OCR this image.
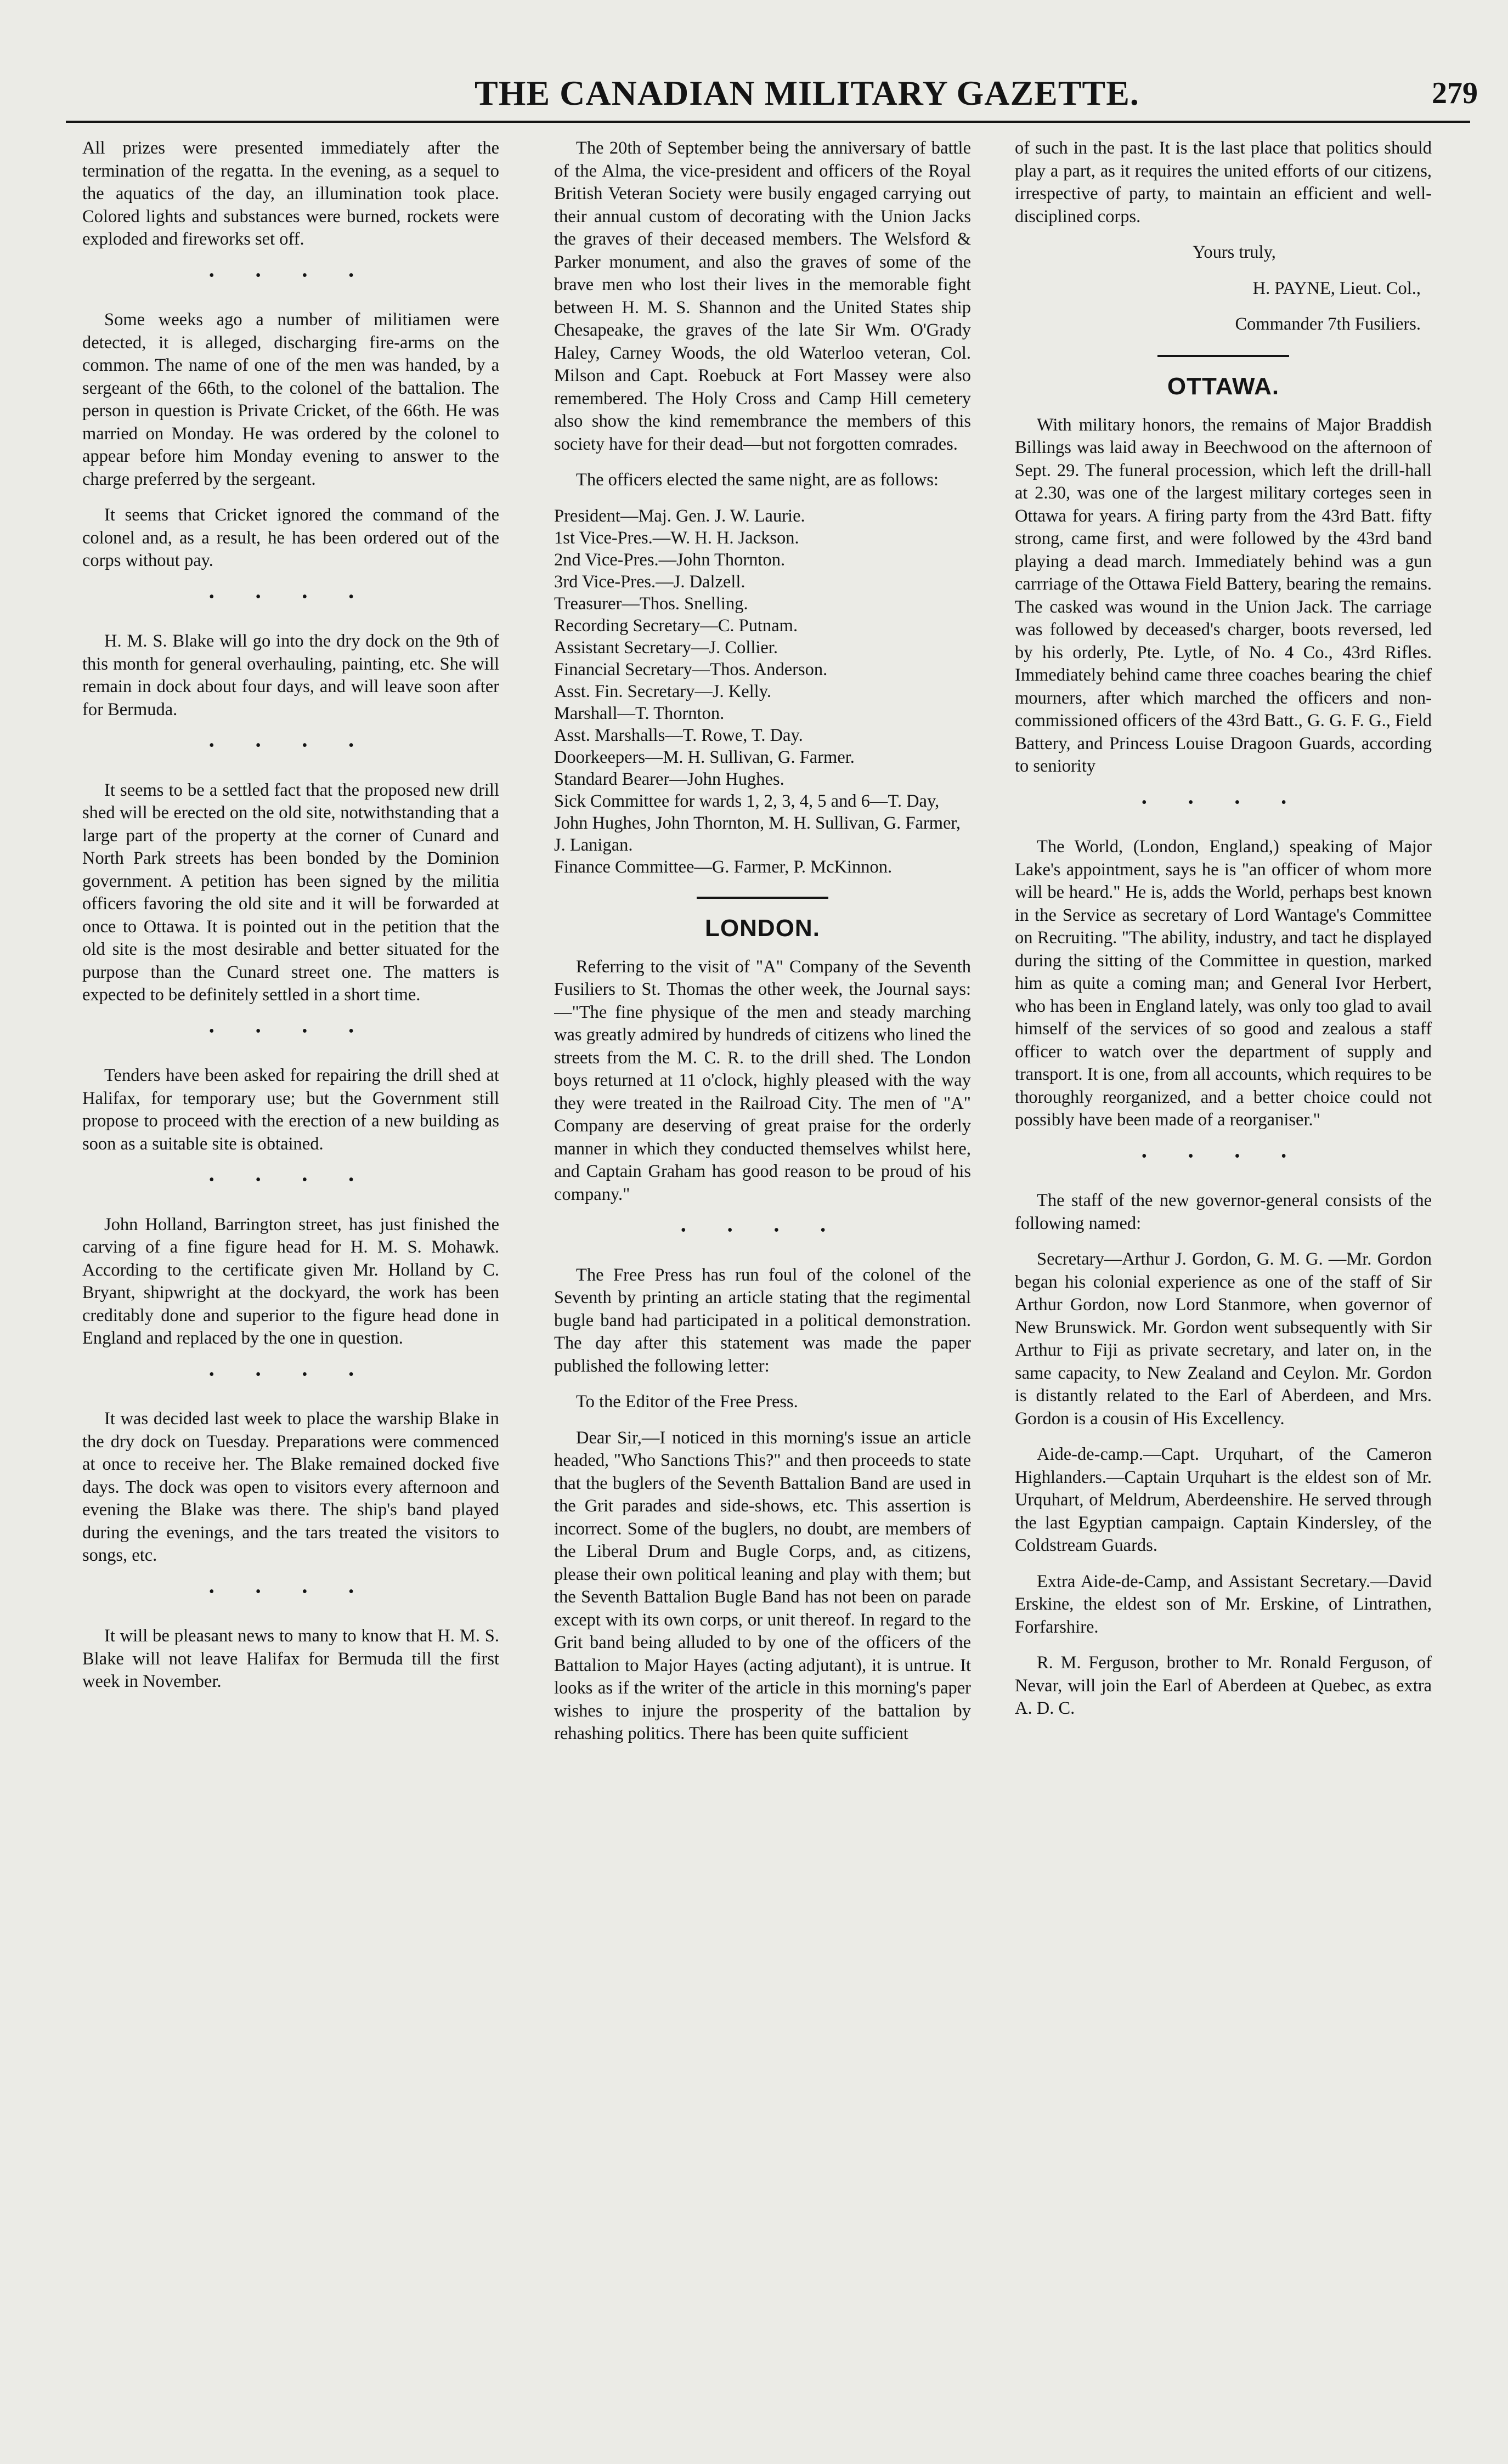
THE CANADIAN MILITARY GAZETTE.	279

All prizes were presented immediately after the termination of the regatta. In the evening, as a sequel to the aquatics of the day, an illumination took place. Colored lights and substances were burned, rockets were exploded and fireworks set off.

• • • •

Some weeks ago a number of militiamen were detected, it is alleged, discharging fire-arms on the common. The name of one of the men was handed, by a sergeant of the 66th, to the colonel of the battalion. The person in question is Private Cricket, of the 66th. He was married on Monday. He was ordered by the colonel to appear before him Monday evening to answer to the charge preferred by the sergeant.

It seems that Cricket ignored the command of the colonel and, as a result, he has been ordered out of the corps without pay.

• • • •

H. M. S. Blake will go into the dry dock on the 9th of this month for general overhauling, painting, etc. She will remain in dock about four days, and will leave soon after for Bermuda.

• • • •

It seems to be a settled fact that the proposed new drill shed will be erected on the old site, notwithstanding that a large part of the property at the corner of Cunard and North Park streets has been bonded by the Dominion government. A petition has been signed by the militia officers favoring the old site and it will be forwarded at once to Ottawa. It is pointed out in the petition that the old site is the most desirable and better situated for the purpose than the Cunard street one. The matters is expected to be definitely settled in a short time.

• • • •

Tenders have been asked for repairing the drill shed at Halifax, for temporary use; but the Government still propose to proceed with the erection of a new building as soon as a suitable site is obtained.

• • • •

John Holland, Barrington street, has just finished the carving of a fine figure head for H. M. S. Mohawk. According to the certificate given Mr. Holland by C. Bryant, shipwright at the dockyard, the work has been creditably done and superior to the figure head done in England and replaced by the one in question.

• • • •

It was decided last week to place the warship Blake in the dry dock on Tuesday. Preparations were commenced at once to receive her. The Blake remained docked five days. The dock was open to visitors every afternoon and evening the Blake was there. The ship's band played during the evenings, and the tars treated the visitors to songs, etc.

• • • •

It will be pleasant news to many to know that H. M. S. Blake will not leave Halifax for Bermuda till the first week in November.

The 20th of September being the anniversary of battle of the Alma, the vice-president and officers of the Royal British Veteran Society were busily engaged carrying out their annual custom of decorating with the Union Jacks the graves of their deceased members. The Welsford & Parker monument, and also the graves of some of the brave men who lost their lives in the memorable fight between H. M. S. Shannon and the United States ship Chesapeake, the graves of the late Sir Wm. O'Grady Haley, Carney Woods, the old Waterloo veteran, Col. Milson and Capt. Roebuck at Fort Massey were also remembered. The Holy Cross and Camp Hill cemetery also show the kind remembrance the members of this society have for their dead—but not forgotten comrades.

The officers elected the same night, are as follows:

President—Maj. Gen. J. W. Laurie.

1st Vice-Pres.—W. H. H. Jackson.

2nd Vice-Pres.—John Thornton.

3rd Vice-Pres.—J. Dalzell.

Treasurer—Thos. Snelling.

Recording Secretary—C. Putnam.

Assistant Secretary—J. Collier.

Financial Secretary—Thos. Anderson.

Asst. Fin. Secretary—J. Kelly.

Marshall—T. Thornton.

Asst. Marshalls—T. Rowe, T. Day.

Doorkeepers—M. H. Sullivan, G. Farmer.

Standard Bearer—John Hughes.

Sick Committee for wards 1, 2, 3, 4, 5 and 6—T. Day, John Hughes, John Thornton, M. H. Sullivan, G. Farmer, J. Lanigan.

Finance Committee—G. Farmer, P. McKinnon.

LONDON.

Referring to the visit of "A" Company of the Seventh Fusiliers to St. Thomas the other week, the Journal says:—"The fine physique of the men and steady marching was greatly admired by hundreds of citizens who lined the streets from the M. C. R. to the drill shed. The London boys returned at 11 o'clock, highly pleased with the way they were treated in the Railroad City. The men of "A" Company are deserving of great praise for the orderly manner in which they conducted themselves whilst here, and Captain Graham has good reason to be proud of his company."

• • • •

The Free Press has run foul of the colonel of the Seventh by printing an article stating that the regimental bugle band had participated in a political demonstration. The day after this statement was made the paper published the following letter:

To the Editor of the Free Press.

Dear Sir,—I noticed in this morning's issue an article headed, "Who Sanctions This?" and then proceeds to state that the buglers of the Seventh Battalion Band are used in the Grit parades and side-shows, etc. This assertion is incorrect. Some of the buglers, no doubt, are members of the Liberal Drum and Bugle Corps, and, as citizens, please their own political leaning and play with them; but the Seventh Battalion Bugle Band has not been on parade except with its own corps, or unit thereof. In regard to the Grit band being alluded to by one of the officers of the Battalion to Major Hayes (acting adjutant), it is untrue. It looks as if the writer of the article in this morning's paper wishes to injure the prosperity of the battalion by rehashing politics. There has been quite sufficient

of such in the past. It is the last place that politics should play a part, as it requires the united efforts of our citizens, irrespective of party, to maintain an efficient and well-disciplined corps.

Yours truly,

H. PAYNE, Lieut. Col.,

Commander 7th Fusiliers.

OTTAWA.

With military honors, the remains of Major Braddish Billings was laid away in Beechwood on the afternoon of Sept. 29. The funeral procession, which left the drill-hall at 2.30, was one of the largest military corteges seen in Ottawa for years. A firing party from the 43rd Batt. fifty strong, came first, and were followed by the 43rd band playing a dead march. Immediately behind was a gun carrriage of the Ottawa Field Battery, bearing the remains. The casked was wound in the Union Jack. The carriage was followed by deceased's charger, boots reversed, led by his orderly, Pte. Lytle, of No. 4 Co., 43rd Rifles. Immediately behind came three coaches bearing the chief mourners, after which marched the officers and non-commissioned officers of the 43rd Batt., G. G. F. G., Field Battery, and Princess Louise Dragoon Guards, according to seniority

• • • •

The World, (London, England,) speaking of Major Lake's appointment, says he is "an officer of whom more will be heard." He is, adds the World, perhaps best known in the Service as secretary of Lord Wantage's Committee on Recruiting. "The ability, industry, and tact he displayed during the sitting of the Committee in question, marked him as quite a coming man; and General Ivor Herbert, who has been in England lately, was only too glad to avail himself of the services of so good and zealous a staff officer to watch over the department of supply and transport. It is one, from all accounts, which requires to be thoroughly reorganized, and a better choice could not possibly have been made of a reorganiser."

• • • •

The staff of the new governor-general consists of the following named:

Secretary—Arthur J. Gordon, G. M. G. —Mr. Gordon began his colonial experience as one of the staff of Sir Arthur Gordon, now Lord Stanmore, when governor of New Brunswick. Mr. Gordon went subsequently with Sir Arthur to Fiji as private secretary, and later on, in the same capacity, to New Zealand and Ceylon. Mr. Gordon is distantly related to the Earl of Aberdeen, and Mrs. Gordon is a cousin of His Excellency.

Aide-de-camp.—Capt. Urquhart, of the Cameron Highlanders.—Captain Urquhart is the eldest son of Mr. Urquhart, of Meldrum, Aberdeenshire. He served through the last Egyptian campaign. Captain Kindersley, of the Coldstream Guards.

Extra Aide-de-Camp, and Assistant Secretary.—David Erskine, the eldest son of Mr. Erskine, of Lintrathen, Forfarshire.

R. M. Ferguson, brother to Mr. Ronald Ferguson, of Nevar, will join the Earl of Aberdeen at Quebec, as extra A. D. C.
